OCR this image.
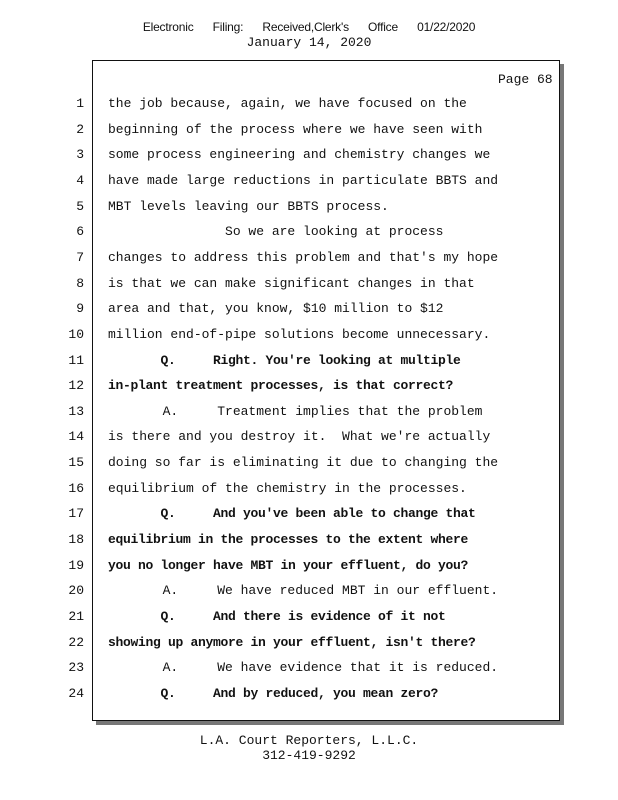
Electronic Filing: Received,Clerk's Office 01/22/2020
January 14, 2020
Page 68
1 the job because, again, we have focused on the
2 beginning of the process where we have seen with
3 some process engineering and chemistry changes we
4 have made large reductions in particulate BBTS and
5 MBT levels leaving our BBTS process.
6 So we are looking at process
7 changes to address this problem and that's my hope
8 is that we can make significant changes in that
9 area and that, you know, $10 million to $12
10 million end-of-pipe solutions become unnecessary.
11 Q.     Right. You're looking at multiple
12 in-plant treatment processes, is that correct?
13 A.     Treatment implies that the problem
14 is there and you destroy it.  What we're actually
15 doing so far is eliminating it due to changing the
16 equilibrium of the chemistry in the processes.
17 Q.     And you've been able to change that
18 equilibrium in the processes to the extent where
19 you no longer have MBT in your effluent, do you?
20 A.     We have reduced MBT in our effluent.
21 Q.     And there is evidence of it not
22 showing up anymore in your effluent, isn't there?
23 A.     We have evidence that it is reduced.
24 Q.     And by reduced, you mean zero?
L.A. Court Reporters, L.L.C.
312-419-9292
